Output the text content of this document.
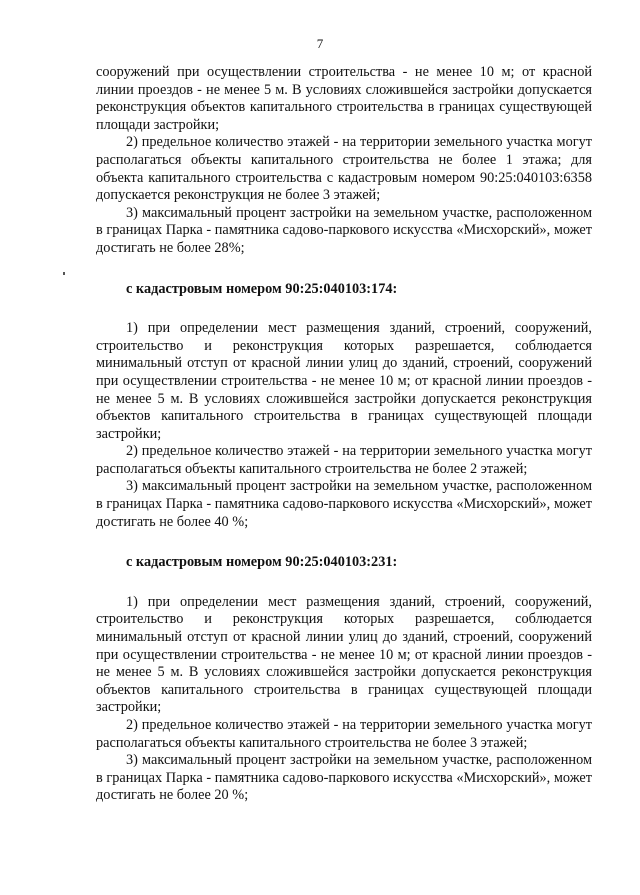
7

сооружений при осуществлении строительства - не менее 10 м; от красной линии проездов - не менее 5 м. В условиях сложившейся застройки допускается реконструкция объектов капитального строительства в границах существующей площади застройки;

2) предельное количество этажей - на территории земельного участка могут располагаться объекты капитального строительства не более 1 этажа; для объекта капитального строительства с кадастровым номером 90:25:040103:6358 допускается реконструкция не более 3 этажей;

3) максимальный процент застройки на земельном участке, расположенном в границах Парка - памятника садово-паркового искусства «Мисхорский», может достигать не более 28%;

с кадастровым номером 90:25:040103:174:

1) при определении мест размещения зданий, строений, сооружений, строительство и реконструкция которых разрешается, соблюдается минимальный отступ от красной линии улиц до зданий, строений, сооружений при осуществлении строительства - не менее 10 м; от красной линии проездов - не менее 5 м. В условиях сложившейся застройки допускается реконструкция объектов капитального строительства в границах существующей площади застройки;

2) предельное количество этажей - на территории земельного участка могут располагаться объекты капитального строительства не более 2 этажей;

3) максимальный процент застройки на земельном участке, расположенном в границах Парка - памятника садово-паркового искусства «Мисхорский», может достигать не более 40 %;

с кадастровым номером 90:25:040103:231:

1) при определении мест размещения зданий, строений, сооружений, строительство и реконструкция которых разрешается, соблюдается минимальный отступ от красной линии улиц до зданий, строений, сооружений при осуществлении строительства - не менее 10 м; от красной линии проездов - не менее 5 м. В условиях сложившейся застройки допускается реконструкция объектов капитального строительства в границах существующей площади застройки;

2) предельное количество этажей - на территории земельного участка могут располагаться объекты капитального строительства не более 3 этажей;

3) максимальный процент застройки на земельном участке, расположенном в границах Парка - памятника садово-паркового искусства «Мисхорский», может достигать не более 20 %;
